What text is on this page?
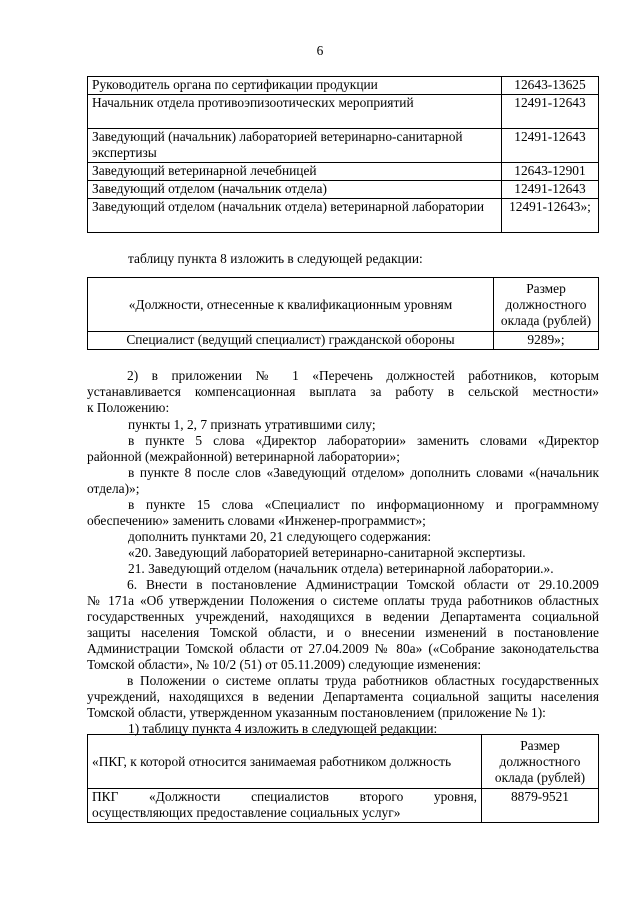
6
Руководитель органа по сертификации продукции	12643-13625
Начальник отдела противоэпизоотических мероприятий	12491-12643
Заведующий (начальник) лабораторией ветеринарно-санитарной экспертизы	12491-12643
Заведующий ветеринарной лечебницей	12643-12901
Заведующий отделом (начальник отдела)	12491-12643
Заведующий отделом (начальник отдела) ветеринарной лаборатории	12491-12643»;
таблицу пункта 8 изложить в следующей редакции:
«Должности, отнесенные к квалификационным уровням	Размер должностного оклада (рублей)
Специалист (ведущий специалист) гражданской обороны	9289»;
2) в приложении № 1 «Перечень должностей работников, которым
устанавливается компенсационная выплата за работу в сельской местности»
к Положению:
пункты 1, 2, 7 признать утратившими силу;
в пункте 5 слова «Директор лаборатории» заменить словами «Директор
районной (межрайонной) ветеринарной лаборатории»;
в пункте 8 после слов «Заведующий отделом» дополнить словами «(начальник
отдела)»;
в пункте 15 слова «Специалист по информационному и программному
обеспечению» заменить словами «Инженер-программист»;
дополнить пунктами 20, 21 следующего содержания:
«20. Заведующий лабораторией ветеринарно-санитарной экспертизы.
21. Заведующий отделом (начальник отдела) ветеринарной лаборатории.».
6. Внести в постановление Администрации Томской области от 29.10.2009
№ 171а «Об утверждении Положения о системе оплаты труда работников областных
государственных учреждений, находящихся в ведении Департамента социальной
защиты населения Томской области, и о внесении изменений в постановление
Администрации Томской области от 27.04.2009 № 80а» («Собрание законодательства
Томской области», № 10/2 (51) от 05.11.2009) следующие изменения:
в Положении о системе оплаты труда работников областных государственных
учреждений, находящихся в ведении Департамента социальной защиты населения
Томской области, утвержденном указанным постановлением (приложение № 1):
1) таблицу пункта 4 изложить в следующей редакции:
«ПКГ, к которой относится занимаемая работником должность	Размер должностного оклада (рублей)

ПКГ «Должности специалистов второго уровня,
осуществляющих предоставление социальных услуг»	8879-9521
